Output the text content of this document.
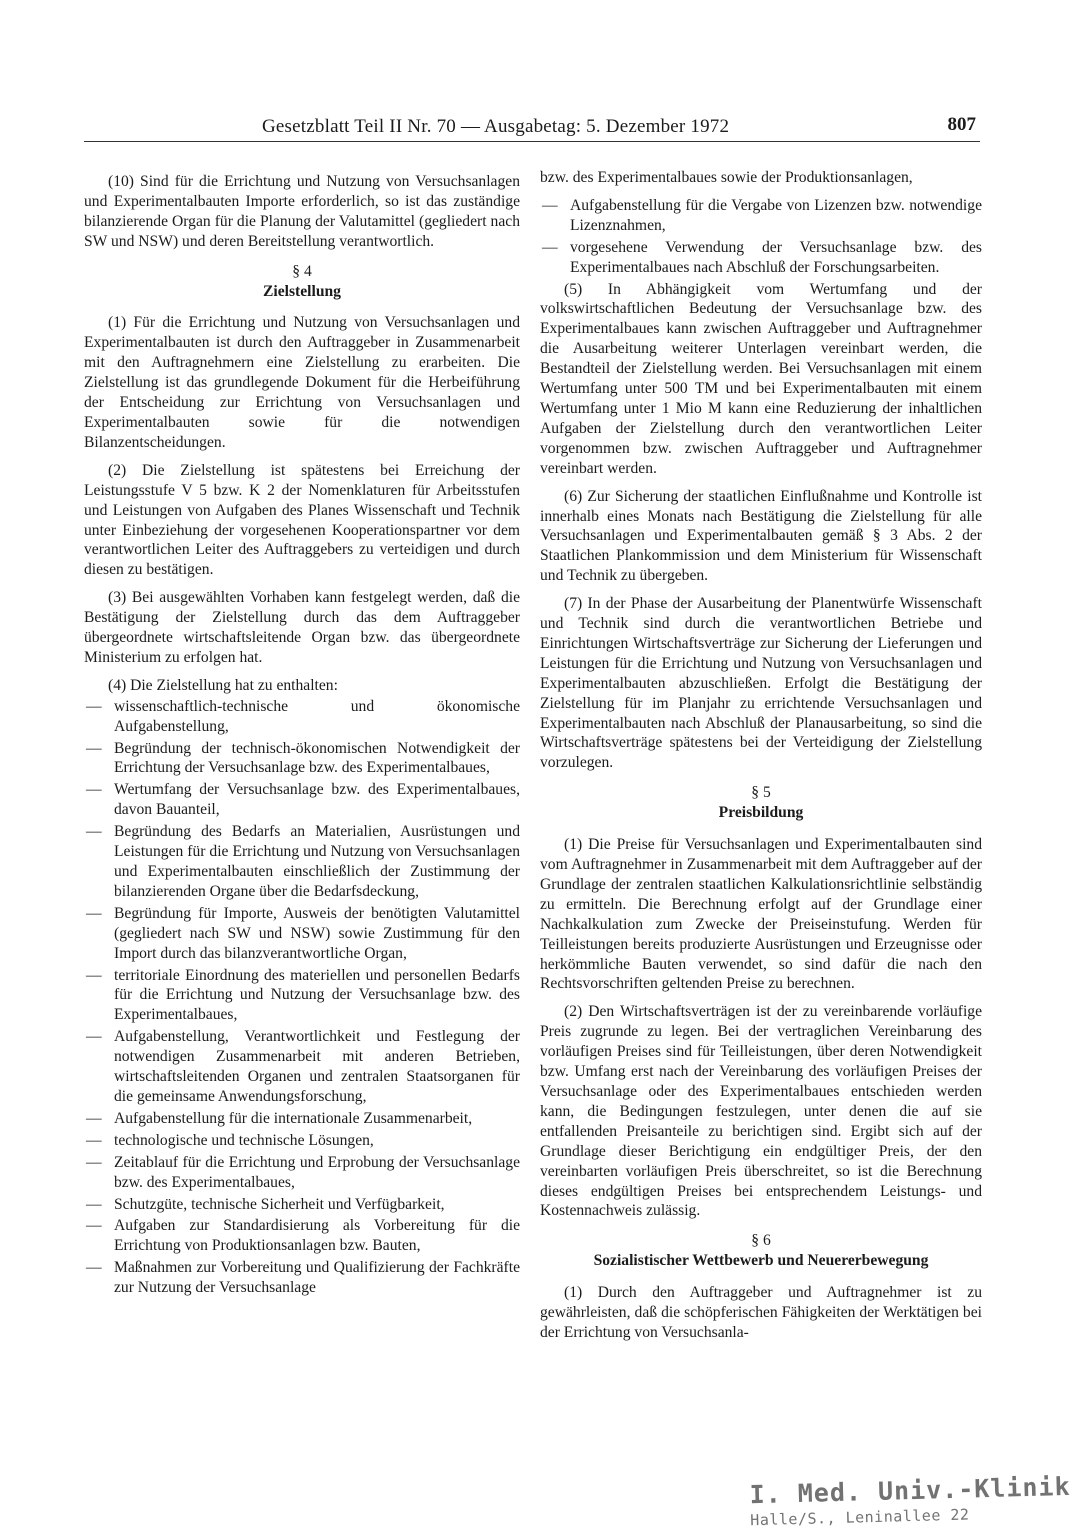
Gesetzblatt Teil II Nr. 70 — Ausgabetag: 5. Dezember 1972	807

(10) Sind für die Errichtung und Nutzung von Versuchsanlagen und Experimentalbauten Importe erforderlich, so ist das zuständige bilanzierende Organ für die Planung der Valutamittel (gegliedert nach SW und NSW) und deren Bereitstellung verantwortlich.

§ 4
Zielstellung

(1) Für die Errichtung und Nutzung von Versuchsanlagen und Experimentalbauten ist durch den Auftraggeber in Zusammenarbeit mit den Auftragnehmern eine Zielstellung zu erarbeiten. Die Zielstellung ist das grundlegende Dokument für die Herbeiführung der Entscheidung zur Errichtung von Versuchsanlagen und Experimentalbauten sowie für die notwendigen Bilanzentscheidungen.

(2) Die Zielstellung ist spätestens bei Erreichung der Leistungsstufe V 5 bzw. K 2 der Nomenklaturen für Arbeitsstufen und Leistungen von Aufgaben des Planes Wissenschaft und Technik unter Einbeziehung der vorgesehenen Kooperationspartner vor dem verantwortlichen Leiter des Auftraggebers zu verteidigen und durch diesen zu bestätigen.

(3) Bei ausgewählten Vorhaben kann festgelegt werden, daß die Bestätigung der Zielstellung durch das dem Auftraggeber übergeordnete wirtschaftsleitende Organ bzw. das übergeordnete Ministerium zu erfolgen hat.

(4) Die Zielstellung hat zu enthalten:

— wissenschaftlich-technische und ökonomische Aufgabenstellung,
— Begründung der technisch-ökonomischen Notwendigkeit der Errichtung der Versuchsanlage bzw. des Experimentalbaues,
— Wertumfang der Versuchsanlage bzw. des Experimentalbaues, davon Bauanteil,
— Begründung des Bedarfs an Materialien, Ausrüstungen und Leistungen für die Errichtung und Nutzung von Versuchsanlagen und Experimentalbauten einschließlich der Zustimmung der bilanzierenden Organe über die Bedarfsdeckung,
— Begründung für Importe, Ausweis der benötigten Valutamittel (gegliedert nach SW und NSW) sowie Zustimmung für den Import durch das bilanzverantwortliche Organ,
— territoriale Einordnung des materiellen und personellen Bedarfs für die Errichtung und Nutzung der Versuchsanlage bzw. des Experimentalbaues,
— Aufgabenstellung, Verantwortlichkeit und Festlegung der notwendigen Zusammenarbeit mit anderen Betrieben, wirtschaftsleitenden Organen und zentralen Staatsorganen für die gemeinsame Anwendungsforschung,
— Aufgabenstellung für die internationale Zusammenarbeit,
— technologische und technische Lösungen,
— Zeitablauf für die Errichtung und Erprobung der Versuchsanlage bzw. des Experimentalbaues,
— Schutzgüte, technische Sicherheit und Verfügbarkeit,
— Aufgaben zur Standardisierung als Vorbereitung für die Errichtung von Produktionsanlagen bzw. Bauten,
— Maßnahmen zur Vorbereitung und Qualifizierung der Fachkräfte zur Nutzung der Versuchsanlage

bzw. des Experimentalbaues sowie der Produktionsanlagen,

— Aufgabenstellung für die Vergabe von Lizenzen bzw. notwendige Lizenznahmen,
— vorgesehene Verwendung der Versuchsanlage bzw. des Experimentalbaues nach Abschluß der Forschungsarbeiten.

(5) In Abhängigkeit vom Wertumfang und der volkswirtschaftlichen Bedeutung der Versuchsanlage bzw. des Experimentalbaues kann zwischen Auftraggeber und Auftragnehmer die Ausarbeitung weiterer Unterlagen vereinbart werden, die Bestandteil der Zielstellung werden. Bei Versuchsanlagen mit einem Wertumfang unter 500 TM und bei Experimentalbauten mit einem Wertumfang unter 1 Mio M kann eine Reduzierung der inhaltlichen Aufgaben der Zielstellung durch den verantwortlichen Leiter vorgenommen bzw. zwischen Auftraggeber und Auftragnehmer vereinbart werden.

(6) Zur Sicherung der staatlichen Einflußnahme und Kontrolle ist innerhalb eines Monats nach Bestätigung die Zielstellung für alle Versuchsanlagen und Experimentalbauten gemäß § 3 Abs. 2 der Staatlichen Plankommission und dem Ministerium für Wissenschaft und Technik zu übergeben.

(7) In der Phase der Ausarbeitung der Planentwürfe Wissenschaft und Technik sind durch die verantwortlichen Betriebe und Einrichtungen Wirtschaftsverträge zur Sicherung der Lieferungen und Leistungen für die Errichtung und Nutzung von Versuchsanlagen und Experimentalbauten abzuschließen. Erfolgt die Bestätigung der Zielstellung für im Planjahr zu errichtende Versuchsanlagen und Experimentalbauten nach Abschluß der Planausarbeitung, so sind die Wirtschaftsverträge spätestens bei der Verteidigung der Zielstellung vorzulegen.

§ 5
Preisbildung

(1) Die Preise für Versuchsanlagen und Experimentalbauten sind vom Auftragnehmer in Zusammenarbeit mit dem Auftraggeber auf der Grundlage der zentralen staatlichen Kalkulationsrichtlinie selbständig zu ermitteln. Die Berechnung erfolgt auf der Grundlage einer Nachkalkulation zum Zwecke der Preiseinstufung. Werden für Teilleistungen bereits produzierte Ausrüstungen und Erzeugnisse oder herkömmliche Bauten verwendet, so sind dafür die nach den Rechtsvorschriften geltenden Preise zu berechnen.

(2) Den Wirtschaftsverträgen ist der zu vereinbarende vorläufige Preis zugrunde zu legen. Bei der vertraglichen Vereinbarung des vorläufigen Preises sind für Teilleistungen, über deren Notwendigkeit bzw. Umfang erst nach der Vereinbarung des vorläufigen Preises der Versuchsanlage oder des Experimentalbaues entschieden werden kann, die Bedingungen festzulegen, unter denen die auf sie entfallenden Preisanteile zu berichtigen sind. Ergibt sich auf der Grundlage dieser Berichtigung ein endgültiger Preis, der den vereinbarten vorläufigen Preis überschreitet, so ist die Berechnung dieses endgültigen Preises bei entsprechendem Leistungs- und Kostennachweis zulässig.

§ 6
Sozialistischer Wettbewerb und Neuererbewegung

(1) Durch den Auftraggeber und Auftragnehmer ist zu gewährleisten, daß die schöpferischen Fähigkeiten der Werktätigen bei der Errichtung von Versuchsanla-

I. Med. Univ.-Klinik
Halle/S., Leninallee 22
